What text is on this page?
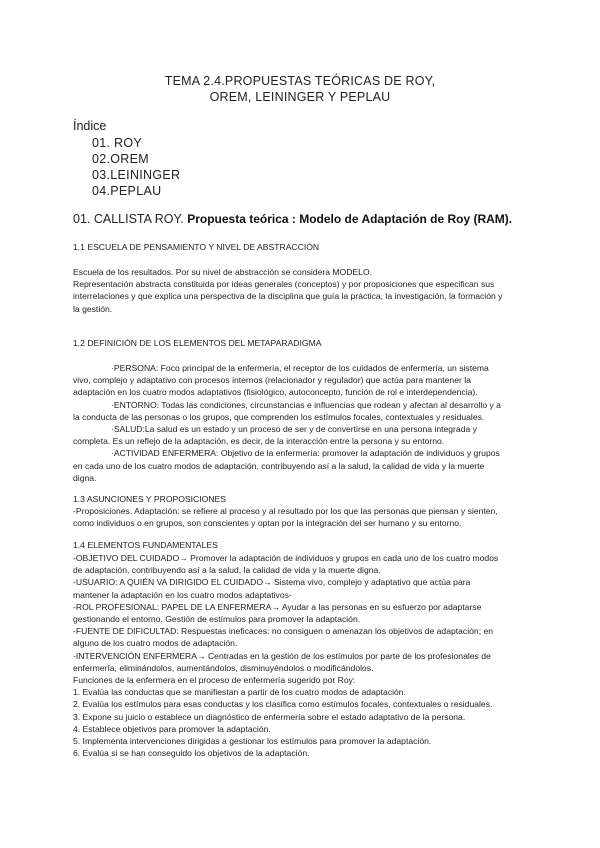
TEMA 2.4.PROPUESTAS TEÓRICAS DE ROY,
OREM, LEININGER Y PEPLAU
Índice
01. ROY
02.OREM
03.LEININGER
04.PEPLAU
01. CALLISTA ROY. Propuesta teórica : Modelo de Adaptación de Roy (RAM).
1.1 ESCUELA DE PENSAMIENTO Y NIVEL DE ABSTRACCIÓN
Escuela de los resultados. Por su nivel de abstracción se considera MODELO.
Representación abstracta constituida por ideas generales (conceptos) y por proposiciones que especifican sus
interrelaciones y que explica una perspectiva de la disciplina que guía la práctica, la investigación, la formación y
la gestión.
1.2 DEFINICIÓN DE LOS ELEMENTOS DEL METAPARADIGMA
·PERSONA: Foco principal de la enfermería, el receptor de los cuidados de enfermería, un sistema
vivo, complejo y adaptativo con procesos internos (relacionador y regulador) que actúa para mantener la
adaptación en los cuatro modos adaptativos (fisiológico, autoconcepto, función de rol e interdependencia).
·ENTORNO: Todas las condiciones, circunstancias e influencias que rodean y afectan al desarrollo y a
la conducta de las personas o los grupos, que comprenden los estímulos focales, contextuales y residuales.
·SALUD:La salud es un estado y un proceso de ser y de convertirse en una persona integrada y
completa. Es un reflejo de la adaptación, es decir, de la interacción entre la persona y su entorno.
·ACTIVIDAD ENFERMERA: Objetivo de la enfermería: promover la adaptación de individuos y grupos
en cada uno de los cuatro modos de adaptación, contribuyendo así a la salud, la calidad de vida y la muerte
digna.
1.3 ASUNCIONES Y PROPOSICIONES
-Proposiciones. Adaptación: se refiere al proceso y al resultado por los que las personas que piensan y sienten,
como individuos o en grupos, son conscientes y optan por la integración del ser humano y su entorno.
1.4 ELEMENTOS FUNDAMENTALES
-OBJETIVO DEL CUIDADO→ Promover la adaptación de individuos y grupos en cada uno de los cuatro modos
de adaptación, contribuyendo así a la salud, la calidad de vida y la muerte digna.
-USUARIO: A QUIÉN VA DIRIGIDO EL CUIDADO→ Sistema vivo, complejo y adaptativo que actúa para
mantener la adaptación en los cuatro modos adaptativos-
-ROL PROFESIONAL: PAPEL DE LA ENFERMERA→ Ayudar a las personas en su esfuerzo por adaptarse
gestionando el entorno. Gestión de estímulos para promover la adaptación.
-FUENTE DE DIFICULTAD: Respuestas ineficaces: no consiguen o amenazan los objetivos de adaptación; en
alguno de los cuatro modos de adaptación.
-INTERVENCIÓN ENFERMERA→ Centradas en la gestión de los estímulos por parte de los profesionales de
enfermería, eliminándolos, aumentándolos, disminuyéndolos o modificándolos.
Funciones de la enfermera en el proceso de enfermería sugerido por Roy:
1. Evalúa las conductas que se manifiestan a partir de los cuatro modos de adaptación.
2. Evalúa los estímulos para esas conductas y los clasifica como estímulos focales, contextuales o residuales.
3. Expone su juicio o establece un diagnóstico de enfermería sobre el estado adaptativo de la persona.
4. Establece objetivos para promover la adaptación.
5. Implementa intervenciones dirigidas a gestionar los estímulos para promover la adaptación.
6. Evalúa si se han conseguido los objetivos de la adaptación.
